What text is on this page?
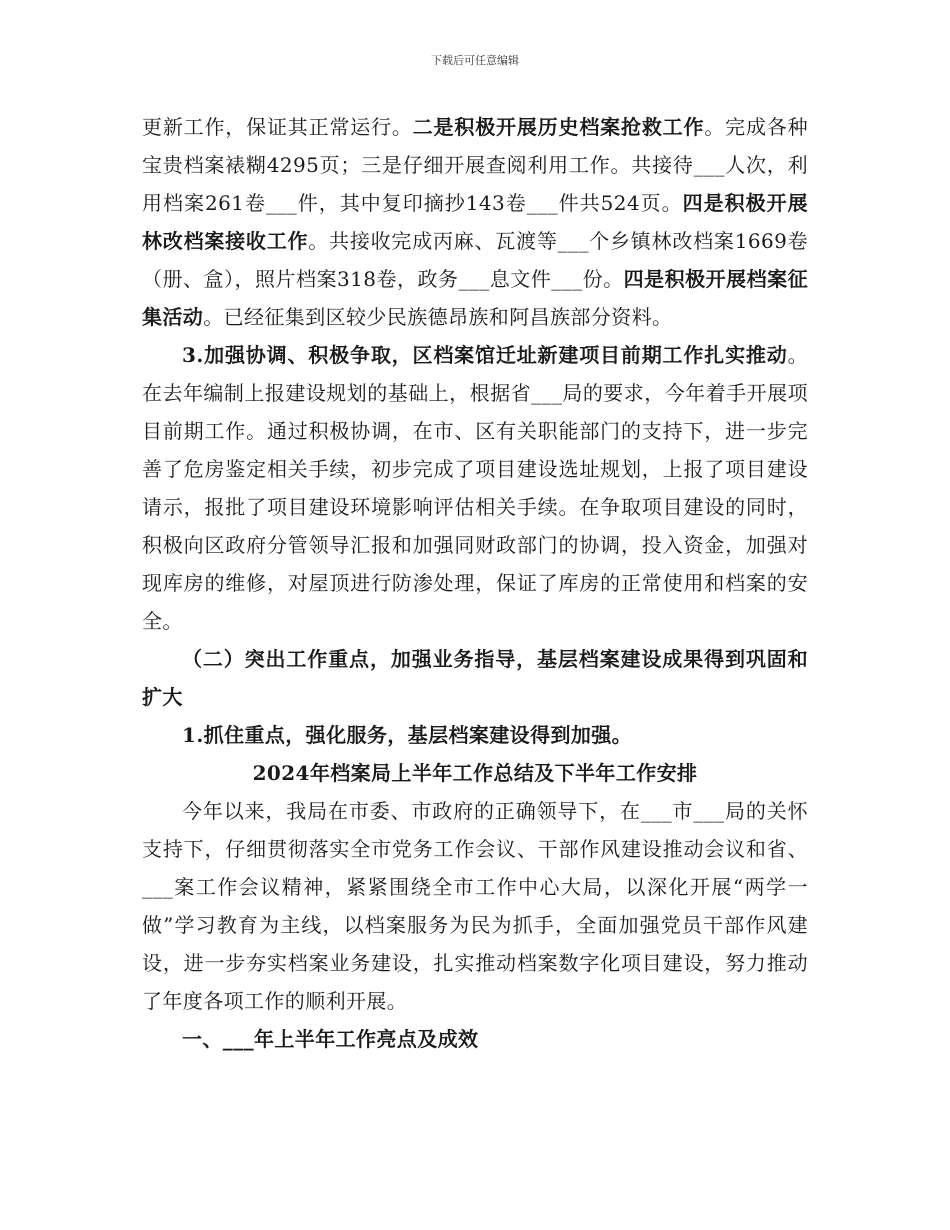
下载后可任意编辑

更新工作，保证其正常运行。二是积极开展历史档案抢救工作。完成各种宝贵档案裱糊4295页；三是仔细开展查阅利用工作。共接待___人次，利用档案261卷___件，其中复印摘抄143卷___件共524页。四是积极开展林改档案接收工作。共接收完成丙麻、瓦渡等___个乡镇林改档案1669卷（册、盒），照片档案318卷，政务___息文件___份。四是积极开展档案征集活动。已经征集到区较少民族德昂族和阿昌族部分资料。

3.加强协调、积极争取，区档案馆迁址新建项目前期工作扎实推动。在去年编制上报建设规划的基础上，根据省___局的要求，今年着手开展项目前期工作。通过积极协调，在市、区有关职能部门的支持下，进一步完善了危房鉴定相关手续，初步完成了项目建设选址规划，上报了项目建设请示，报批了项目建设环境影响评估相关手续。在争取项目建设的同时，积极向区政府分管领导汇报和加强同财政部门的协调，投入资金，加强对现库房的维修，对屋顶进行防渗处理，保证了库房的正常使用和档案的安全。

（二）突出工作重点，加强业务指导，基层档案建设成果得到巩固和扩大

1.抓住重点，强化服务，基层档案建设得到加强。

2024年档案局上半年工作总结及下半年工作安排

今年以来，我局在市委、市政府的正确领导下，在___市___局的关怀支持下，仔细贯彻落实全市党务工作会议、干部作风建设推动会议和省、___案工作会议精神，紧紧围绕全市工作中心大局，以深化开展“两学一做”学习教育为主线，以档案服务为民为抓手，全面加强党员干部作风建设，进一步夯实档案业务建设，扎实推动档案数字化项目建设，努力推动了年度各项工作的顺利开展。

一、___年上半年工作亮点及成效
